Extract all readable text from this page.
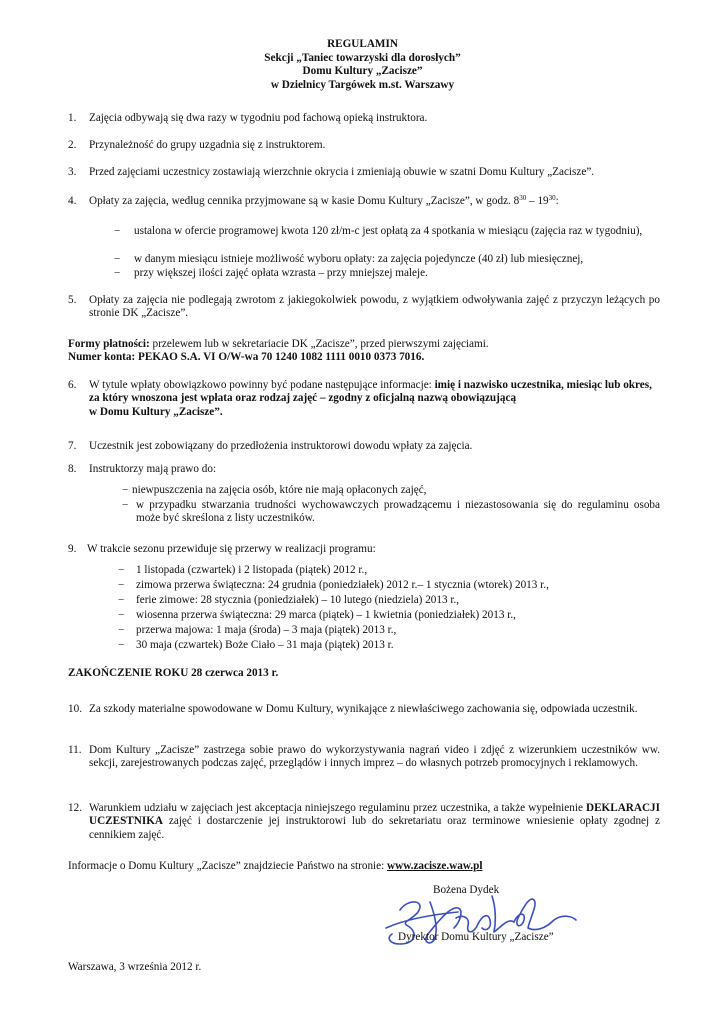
REGULAMIN
Sekcji „Taniec towarzyski dla dorosłych”
Domu Kultury „Zacisze”
w Dzielnicy Targówek m.st. Warszawy
1. Zajęcia odbywają się dwa razy w tygodniu pod fachową opieką instruktora.
2. Przynależność do grupy uzgadnia się z instruktorem.
3. Przed zajęciami uczestnicy zostawiają wierzchnie okrycia i zmieniają obuwie w szatni Domu Kultury „Zacisze”.
4. Opłaty za zajęcia, według cennika przyjmowane są w kasie Domu Kultury „Zacisze”, w godz. $8^{30} - 19^{30}$:
− ustalona w ofercie programowej kwota 120 zł/m-c jest opłatą za 4 spotkania w miesiącu (zajęcia raz w tygodniu),
− w danym miesiącu istnieje możliwość wyboru opłaty: za zajęcia pojedyncze (40 zł) lub miesięcznej,
− przy większej ilości zajęć opłata wzrasta – przy mniejszej maleje.
5. Opłaty za zajęcia nie podlegają zwrotom z jakiegokolwiek powodu, z wyjątkiem odwoływania zajęć z przyczyn leżących po stronie DK „Zacisze”.
Formy płatności: przelewem lub w sekretariacie DK „Zacisze”, przed pierwszymi zajęciami.
Numer konta: PEKAO S.A. VI O/W-wa 70 1240 1082 1111 0010 0373 7016.
6. W tytule wpłaty obowiązkowo powinny być podane następujące informacje: imię i nazwisko uczestnika, miesiąc lub okres, za który wnoszona jest wpłata oraz rodzaj zajęć – zgodny z oficjalną nazwą obowiązującą
w Domu Kultury „Zacisze”.
7. Uczestnik jest zobowiązany do przedłożenia instruktorowi dowodu wpłaty za zajęcia.
8. Instruktorzy mają prawo do:
− niewpuszczenia na zajęcia osób, które nie mają opłaconych zajęć,
− w przypadku stwarzania trudności wychowawczych prowadzącemu i niezastosowania się do regulaminu osoba może być skreślona z listy uczestników.
9. W trakcie sezonu przewiduje się przerwy w realizacji programu:
− 1 listopada (czwartek) i 2 listopada (piątek) 2012 r.,
− zimowa przerwa świąteczna: 24 grudnia (poniedziałek) 2012 r.– 1 stycznia (wtorek) 2013 r.,
− ferie zimowe: 28 stycznia (poniedziałek) – 10 lutego (niedziela) 2013 r.,
− wiosenna przerwa świąteczna: 29 marca (piątek) – 1 kwietnia (poniedziałek) 2013 r.,
− przerwa majowa: 1 maja (środa) – 3 maja (piątek) 2013 r.,
− 30 maja (czwartek) Boże Ciało – 31 maja (piątek) 2013 r.
ZAKOŃCZENIE ROKU 28 czerwca 2013 r.
10. Za szkody materialne spowodowane w Domu Kultury, wynikające z niewłaściwego zachowania się, odpowiada uczestnik.
11. Dom Kultury „Zacisze” zastrzega sobie prawo do wykorzystywania nagrań video i zdjęć z wizerunkiem uczestników ww. sekcji, zarejestrowanych podczas zajęć, przeglądów i innych imprez – do własnych potrzeb promocyjnych i reklamowych.
12. Warunkiem udziału w zajęciach jest akceptacja niniejszego regulaminu przez uczestnika, a także wypełnienie DEKLARACJI UCZESTNIKA zajęć i dostarczenie jej instruktorowi lub do sekretariatu oraz terminowe wniesienie opłaty zgodnej z cennikiem zajęć.
Informacje o Domu Kultury „Zacisze” znajdziecie Państwo na stronie: www.zacisze.waw.pl
Bożena Dydek
Dyrektor Domu Kultury „Zacisze”
Warszawa, 3 września 2012 r.
